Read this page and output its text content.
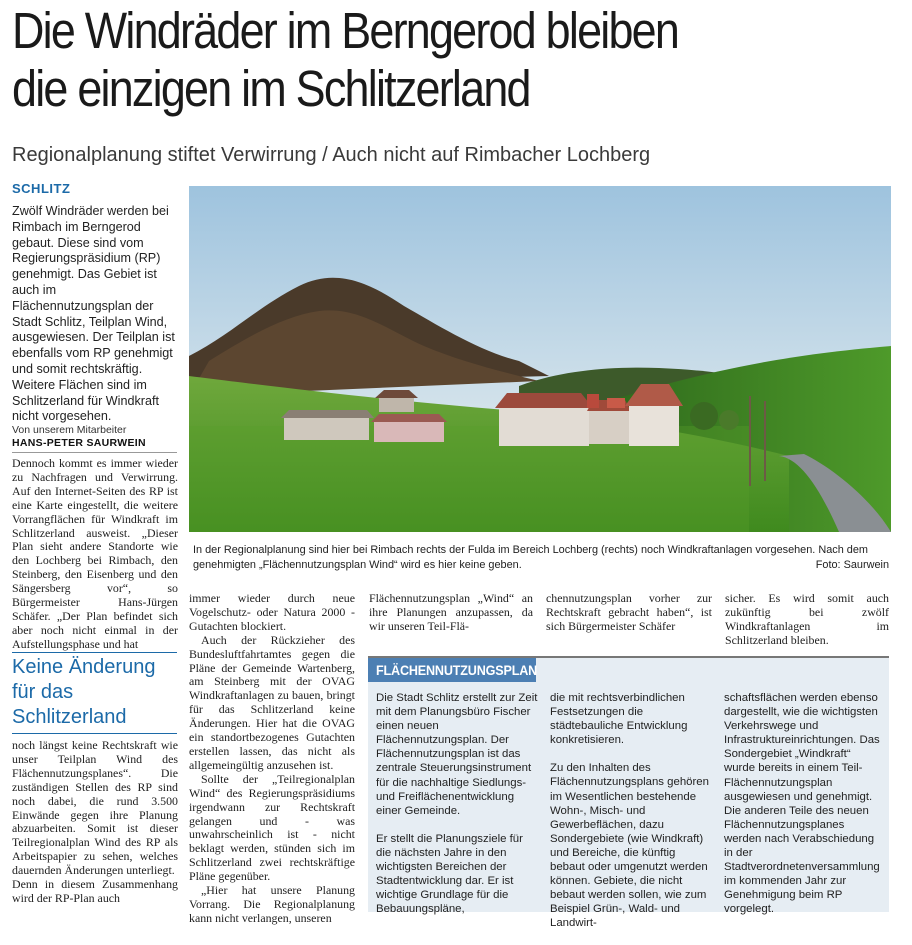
Die Windräder im Berngerod bleiben
die einzigen im Schlitzerland
Regionalplanung stiftet Verwirrung / Auch nicht auf Rimbacher Lochberg
SCHLITZ
Zwölf Windräder werden bei Rimbach im Berngerod gebaut. Diese sind vom Regierungspräsidium (RP) genehmigt. Das Gebiet ist auch im Flächennutzungsplan der Stadt Schlitz, Teilplan Wind, ausgewiesen. Der Teilplan ist ebenfalls vom RP genehmigt und somit rechtskräftig. Weitere Flächen sind im Schlitzerland für Windkraft nicht vorgesehen.
Von unserem Mitarbeiter
HANS-PETER SAURWEIN

Dennoch kommt es immer wieder zu Nachfragen und Verwirrung. Auf den Internet-Seiten des RP ist eine Karte eingestellt, die weitere Vorrangflächen für Windkraft im Schlitzerland ausweist. „Dieser Plan sieht andere Standorte wie den Lochberg bei Rimbach, den Steinberg, den Eisenberg und den Sängersberg vor“, so Bürgermeister Hans-Jürgen Schäfer. „Der Plan befindet sich aber noch nicht einmal in der Aufstellungsphase und hat

Keine Änderung für das Schlitzerland

noch längst keine Rechtskraft wie unser Teilplan Wind des Flächennutzungsplanes“. Die zuständigen Stellen des RP sind noch dabei, die rund 3.500 Einwände gegen ihre Planung abzuarbeiten. Somit ist dieser Teilregionalplan Wind des RP als Arbeitspapier zu sehen, welches dauernden Änderungen unterliegt.

Denn in diesem Zusammenhang wird der RP-Plan auch

In der Regionalplanung sind hier bei Rimbach rechts der Fulda im Bereich Lochberg (rechts) noch Windkraftanlagen vorgesehen. Nach dem genehmigten „Flächennutzungsplan Wind“ wird es hier keine geben.	Foto: Saurwein

immer wieder durch neue Vogelschutz- oder Natura 2000 - Gutachten blockiert.

Auch der Rückzieher des Bundesluftfahrtamtes gegen die Pläne der Gemeinde Wartenberg, am Steinberg mit der OVAG Windkraftanlagen zu bauen, bringt für das Schlitzerland keine Änderungen. Hier hat die OVAG ein standortbezogenes Gutachten erstellen lassen, das nicht als allgemeingültig anzusehen ist.

Sollte der „Teilregionalplan Wind“ des Regierungspräsidiums irgendwann zur Rechtskraft gelangen und - was unwahrscheinlich ist - nicht beklagt werden, stünden sich im Schlitzerland zwei rechtskräftige Pläne gegenüber.

„Hier hat unsere Planung Vorrang. Die Regionalplanung kann nicht verlangen, unseren

Flächennutzungsplan „Wind“ an ihre Planungen anzupassen, da wir unseren Teil-Flä-

chennutzungsplan vorher zur Rechtskraft gebracht haben“, ist sich Bürgermeister Schäfer

sicher. Es wird somit auch zukünftig bei zwölf Windkraftanlagen im Schlitzerland bleiben.

FLÄCHENNUTZUNGSPLAN

Die Stadt Schlitz erstellt zur Zeit mit dem Planungsbüro Fischer einen neuen Flächennutzungsplan. Der Flächennutzungsplan ist das zentrale Steuerungsinstrument für die nachhaltige Siedlungs- und Freiflächenentwicklung einer Gemeinde.

Er stellt die Planungsziele für die nächsten Jahre in den wichtigsten Bereichen der Stadtentwicklung dar. Er ist wichtige Grundlage für die Bebauungspläne,

die mit rechtsverbindlichen Festsetzungen die städtebauliche Entwicklung konkretisieren.

Zu den Inhalten des Flächennutzungsplans gehören im Wesentlichen bestehende Wohn-, Misch- und Gewerbeflächen, dazu Sondergebiete (wie Windkraft) und Bereiche, die künftig bebaut oder umgenutzt werden können. Gebiete, die nicht bebaut werden sollen, wie zum Beispiel Grün-, Wald- und Landwirt-

schaftsflächen werden ebenso dargestellt, wie die wichtigsten Verkehrswege und Infrastruktureinrichtungen. Das Sondergebiet „Windkraft“ wurde bereits in einem Teil-Flächennutzungsplan ausgewiesen und genehmigt. Die anderen Teile des neuen Flächennutzungsplanes werden nach Verabschiedung in der Stadtverordnetenversammlung im kommenden Jahr zur Genehmigung beim RP vorgelegt.
